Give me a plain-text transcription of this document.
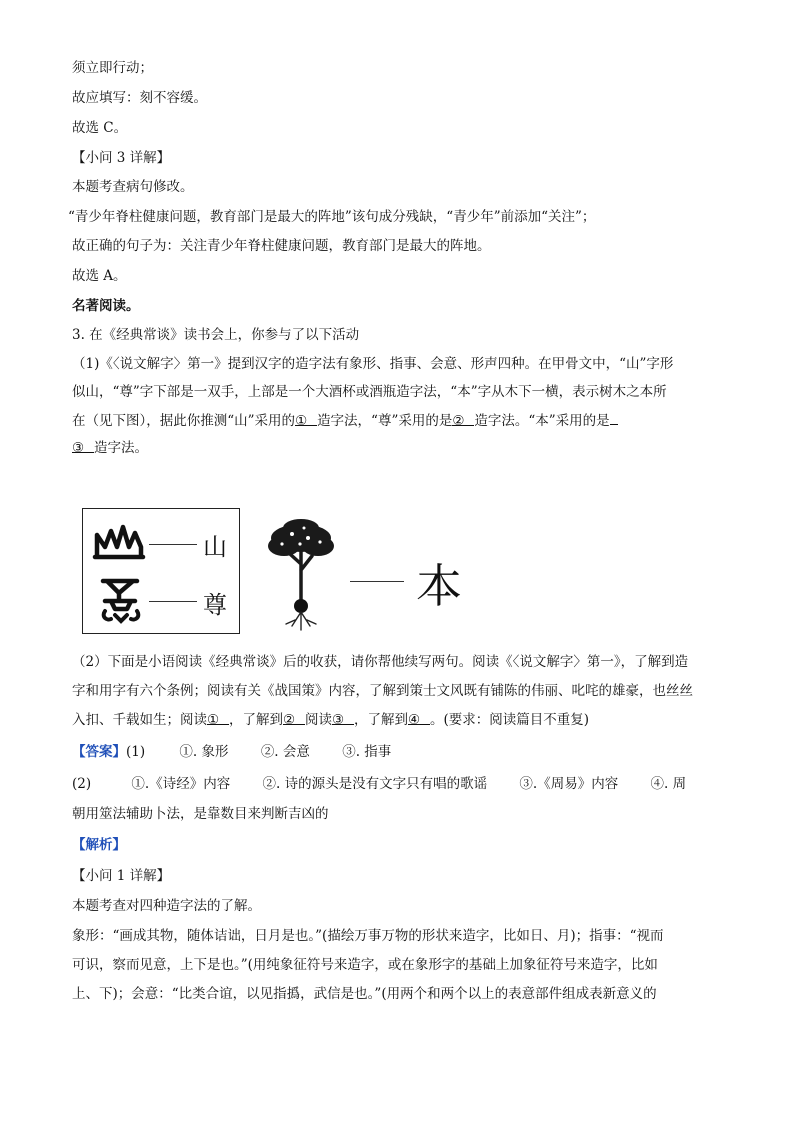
须立即行动；
故应填写：刻不容缓。
故选 C。
【小问 3 详解】
本题考查病句修改。
“青少年脊柱健康问题，教育部门是最大的阵地”该句成分残缺，“青少年”前添加“关注”；
故正确的句子为：关注青少年脊柱健康问题，教育部门是最大的阵地。
故选 A。
名著阅读。
3. 在《经典常谈》读书会上，你参与了以下活动
（1)《〈说文解字〉第一》提到汉字的造字法有象形、指事、会意、形声四种。在甲骨文中，“山”字形
似山，“尊”字下部是一双手，上部是一个大酒杯或酒瓶造字法，“本”字从木下一横，表示树木之本所
在（见下图），据此你推测“山”采用的① 造字法，“尊”采用的是② 造字法。“本”采用的是
③ 造字法。
山
尊	本
（2）下面是小语阅读《经典常谈》后的收获，请你帮他续写两句。阅读《〈说文解字〉第一》，了解到造
字和用字有六个条例；阅读有关《战国策》内容，了解到策士文风既有铺陈的伟丽、叱咤的雄豪，也丝丝
入扣、千载如生；阅读① ，了解到② 阅读③ ，了解到④ 。(要求：阅读篇目不重复)
【答案】(1)	①. 象形 ②. 会意 ③. 指事
(2)	①.《诗经》内容 ②. 诗的源头是没有文字只有唱的歌谣 ③.《周易》内容 ④. 周
朝用筮法辅助卜法，是靠数目来判断吉凶的
【解析】
【小问 1 详解】
本题考查对四种造字法的了解。
象形：“画成其物，随体诘诎，日月是也。”(描绘万事万物的形状来造字，比如日、月)；指事：“视而
可识，察而见意，上下是也。”(用纯象征符号来造字，或在象形字的基础上加象征符号来造字，比如
上、下)；会意：“比类合谊，以见指撝，武信是也。”(用两个和两个以上的表意部件组成表新意义的
